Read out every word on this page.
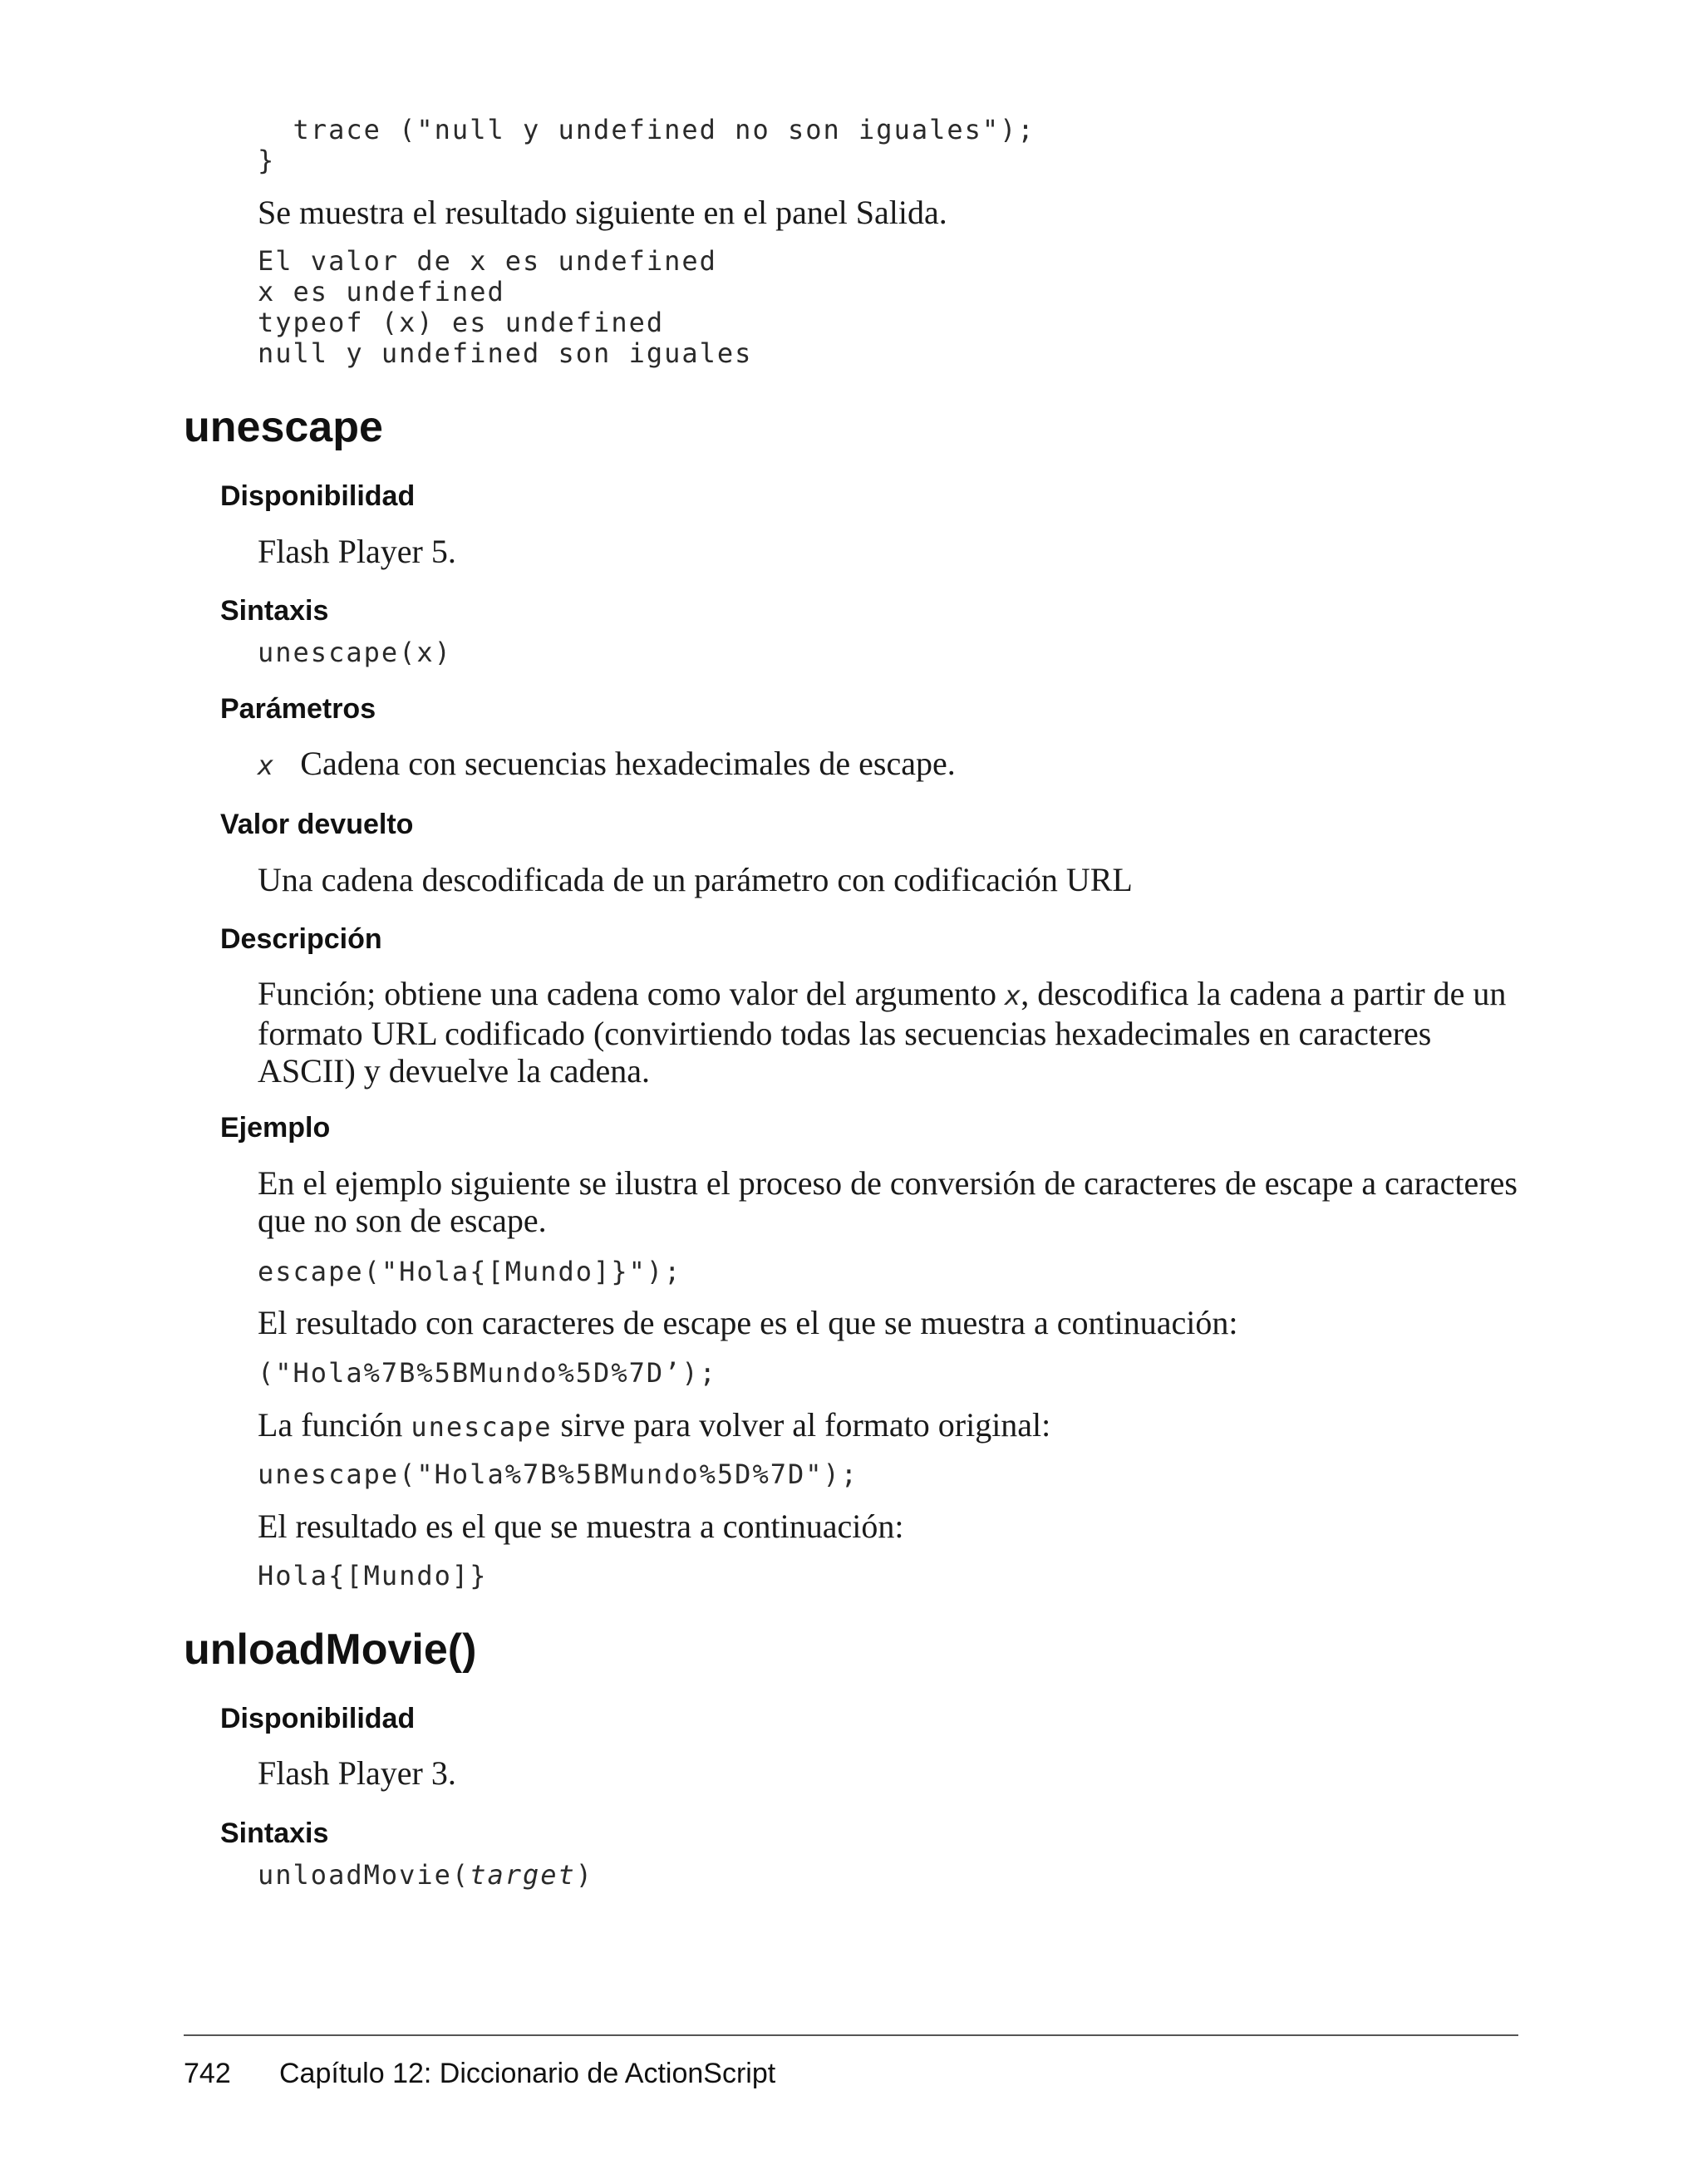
trace ("null y undefined no son iguales");
}
Se muestra el resultado siguiente en el panel Salida.
El valor de x es undefined
x es undefined
typeof (x) es undefined
null y undefined son iguales
unescape
Disponibilidad
Flash Player 5.
Sintaxis
unescape(x)
Parámetros
x Cadena con secuencias hexadecimales de escape.
Valor devuelto
Una cadena descodificada de un parámetro con codificación URL
Descripción
Función; obtiene una cadena como valor del argumento x, descodifica la cadena a partir de un formato URL codificado (convirtiendo todas las secuencias hexadecimales en caracteres ASCII) y devuelve la cadena.
Ejemplo
En el ejemplo siguiente se ilustra el proceso de conversión de caracteres de escape a caracteres que no son de escape.
escape("Hola{[Mundo]}");
El resultado con caracteres de escape es el que se muestra a continuación:
("Hola%7B%5BMundo%5D%7D’);
La función unescape sirve para volver al formato original:
unescape("Hola%7B%5BMundo%5D%7D");
El resultado es el que se muestra a continuación:
Hola{[Mundo]}
unloadMovie()
Disponibilidad
Flash Player 3.
Sintaxis
unloadMovie(target)
742 Capítulo 12: Diccionario de ActionScript
